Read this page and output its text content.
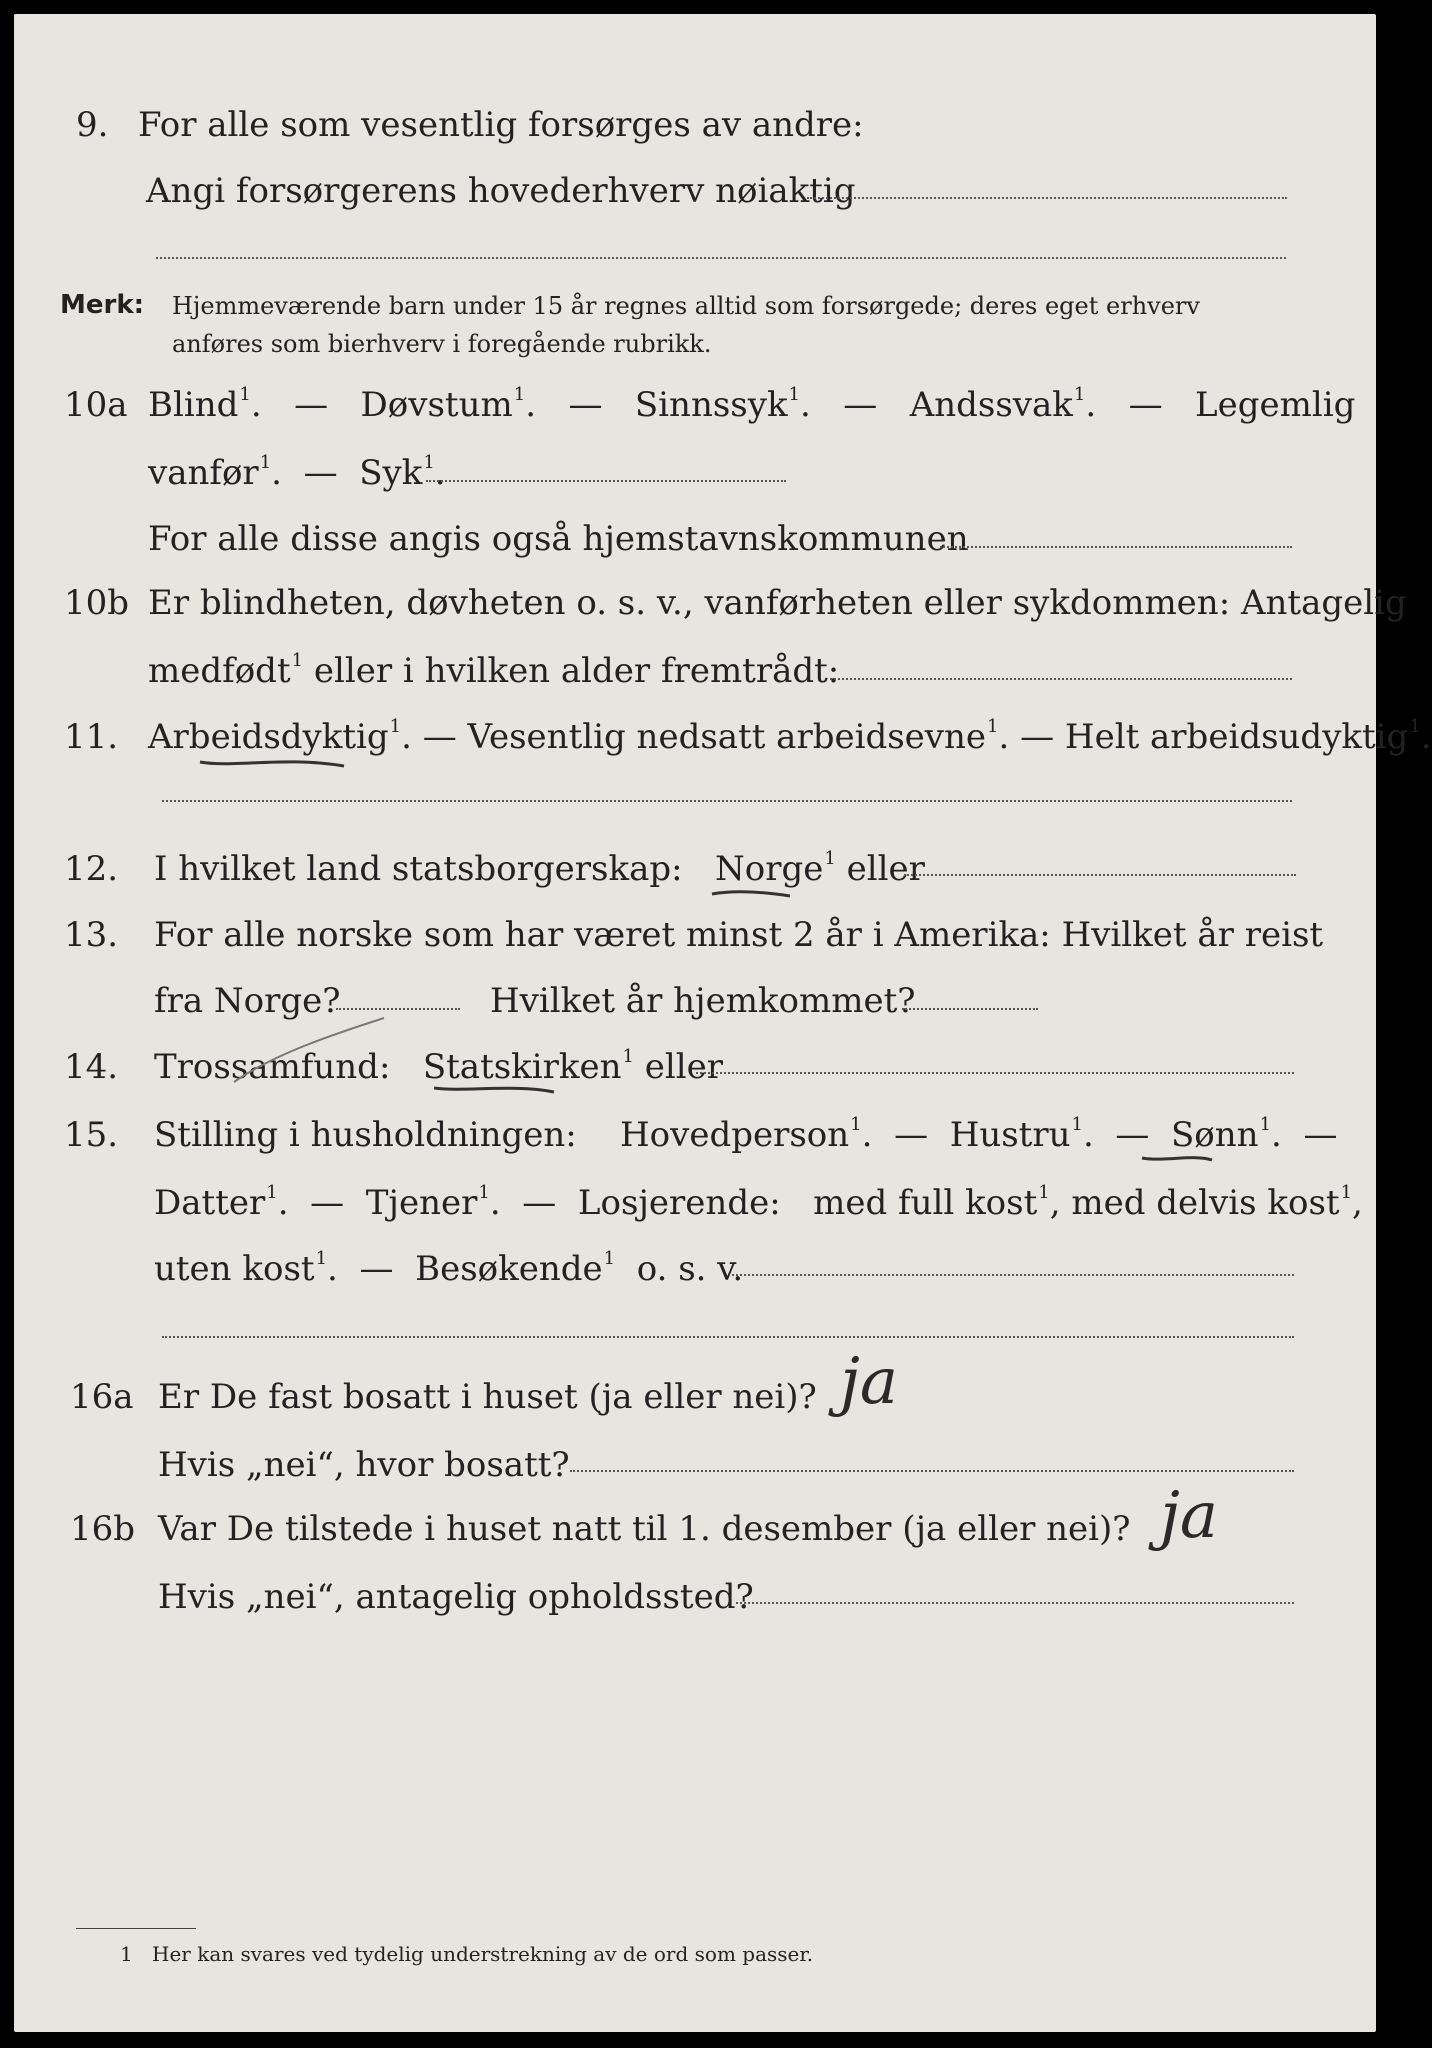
9. For alle som vesentlig forsørges av andre:
Angi forsørgerens hovederhverv nøiaktig
Merk: Hjemmeværende barn under 15 år regnes alltid som forsørgede; deres eget erhverv
anføres som bierhverv i foregående rubrikk.
10a Blind$^1$. — Døvstum$^1$. — Sinnssyk$^1$. — Andssvak$^1$. — Legemlig
vanfør$^1$. — Syk$^1$.
For alle disse angis også hjemstavnskommunen
10b Er blindheten, døvheten o. s. v., vanførheten eller sykdommen: Antagelig
medfødt$^1$ eller i hvilken alder fremtrådt:
11. Arbeidsdyktig$^1$. — Vesentlig nedsatt arbeidsevne$^1$. — Helt arbeidsudyktig$^1$.
12. I hvilket land statsborgerskap: Norge$^1$ eller
13. For alle norske som har været minst 2 år i Amerika: Hvilket år reist
fra Norge?	Hvilket år hjemkommet?
14. Trossamfund: Statskirken$^1$ eller
15. Stilling i husholdningen: Hovedperson$^1$. — Hustru$^1$. — Sønn$^1$. —
Datter$^1$. — Tjener$^1$. — Losjerende: med full kost$^1$, med delvis kost$^1$,
uten kost$^1$. — Besøkende$^1$ o. s. v.
16a Er De fast bosatt i huset (ja eller nei)? ja
Hvis „nei“, hvor bosatt?
16b Var De tilstede i huset natt til 1. desember (ja eller nei)? ja
Hvis „nei“, antagelig opholdssted?
1 Her kan svares ved tydelig understrekning av de ord som passer.
